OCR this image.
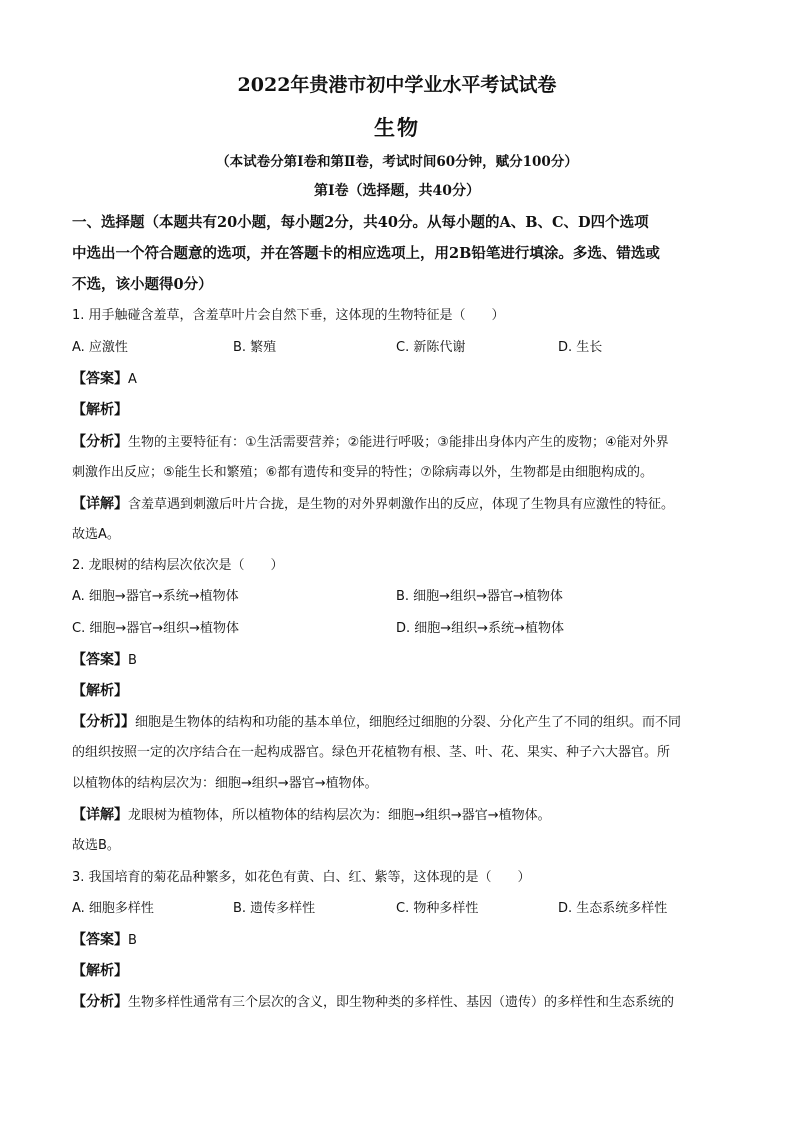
2022年贵港市初中学业水平考试试卷
生物
（本试卷分第Ⅰ卷和第Ⅱ卷，考试时间60分钟，赋分100分）
第Ⅰ卷（选择题，共40分）
一、选择题（本题共有20小题，每小题2分，共40分。从每小题的A、B、C、D四个选项
中选出一个符合题意的选项，并在答题卡的相应选项上，用2B铅笔进行填涂。多选、错选或
不选，该小题得0分）
1. 用手触碰含羞草，含羞草叶片会自然下垂，这体现的生物特征是（　　）
A. 应激性	B. 繁殖	C. 新陈代谢	D. 生长
【答案】A
【解析】
【分析】生物的主要特征有：①生活需要营养；②能进行呼吸；③能排出身体内产生的废物；④能对外界
刺激作出反应；⑤能生长和繁殖；⑥都有遗传和变异的特性；⑦除病毒以外，生物都是由细胞构成的。
【详解】含羞草遇到刺激后叶片合拢，是生物的对外界刺激作出的反应，体现了生物具有应激性的特征。
故选A。
2. 龙眼树的结构层次依次是（　　）
A. 细胞→器官→系统→植物体	B. 细胞→组织→器官→植物体
C. 细胞→器官→组织→植物体	D. 细胞→组织→系统→植物体
【答案】B
【解析】
【分析】】细胞是生物体的结构和功能的基本单位，细胞经过细胞的分裂、分化产生了不同的组织。而不同
的组织按照一定的次序结合在一起构成器官。绿色开花植物有根、茎、叶、花、果实、种子六大器官。所
以植物体的结构层次为：细胞→组织→器官→植物体。
【详解】龙眼树为植物体，所以植物体的结构层次为：细胞→组织→器官→植物体。
故选B。
3. 我国培育的菊花品种繁多，如花色有黄、白、红、紫等，这体现的是（　　）
A. 细胞多样性	B. 遗传多样性	C. 物种多样性	D. 生态系统多样性
【答案】B
【解析】
【分析】生物多样性通常有三个层次的含义，即生物种类的多样性、基因（遗传）的多样性和生态系统的
